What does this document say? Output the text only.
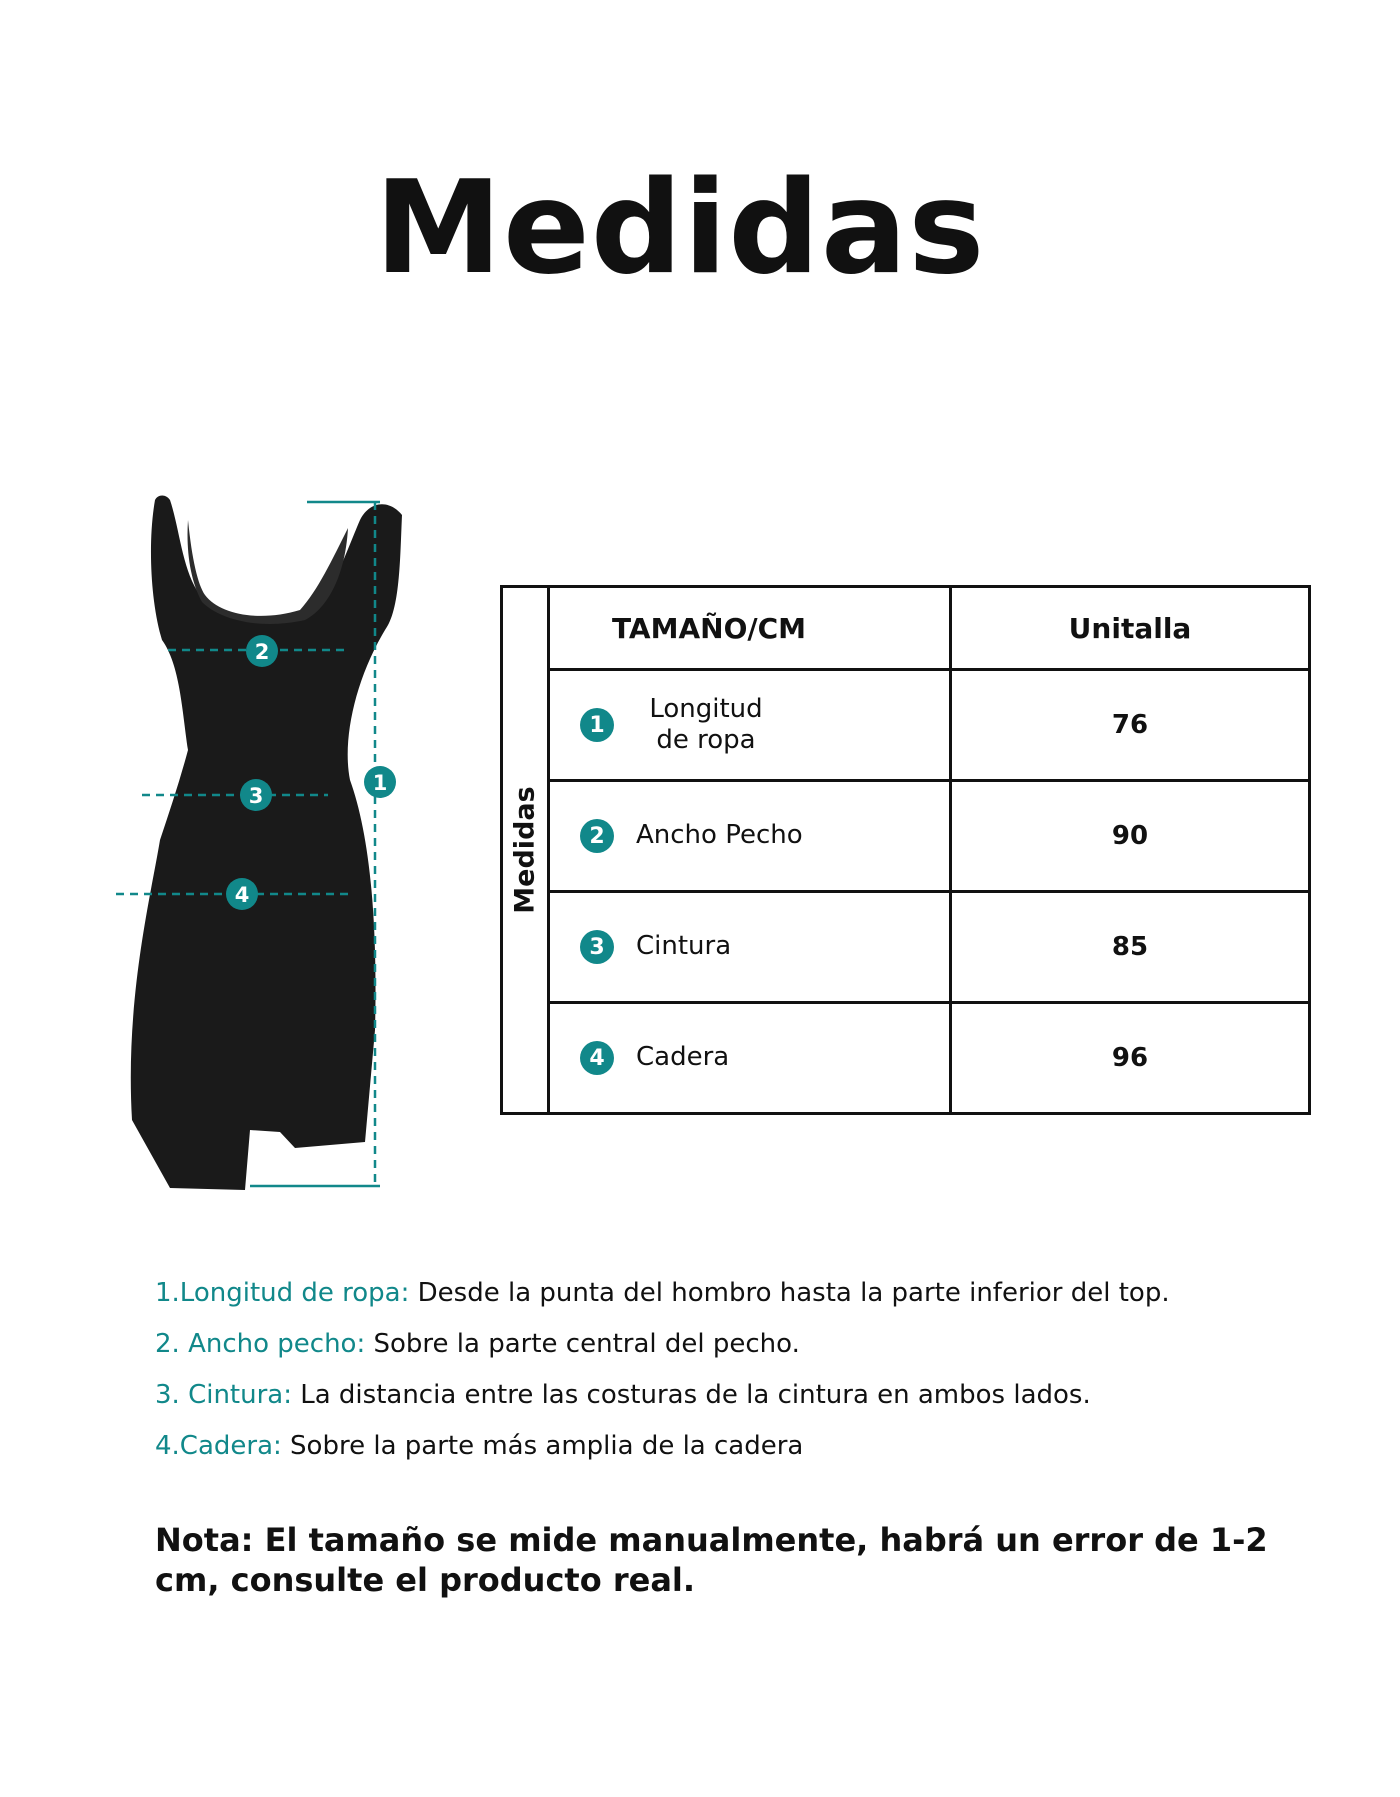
Medidas
1
2
3
4	Medidas	TAMAÑO/CM	Unitalla

1
Longitud de ropa	76

2 Ancho Pecho	90

3 Cintura	85

4 Cadera	96
1.Longitud de ropa: Desde la punta del hombro hasta la parte inferior del top.
2. Ancho pecho: Sobre la parte central del pecho.
3. Cintura: La distancia entre las costuras de la cintura en ambos lados.
4.Cadera: Sobre la parte más amplia de la cadera
Nota: El tamaño se mide manualmente, habrá un error de 1-2 cm, consulte el producto real.
